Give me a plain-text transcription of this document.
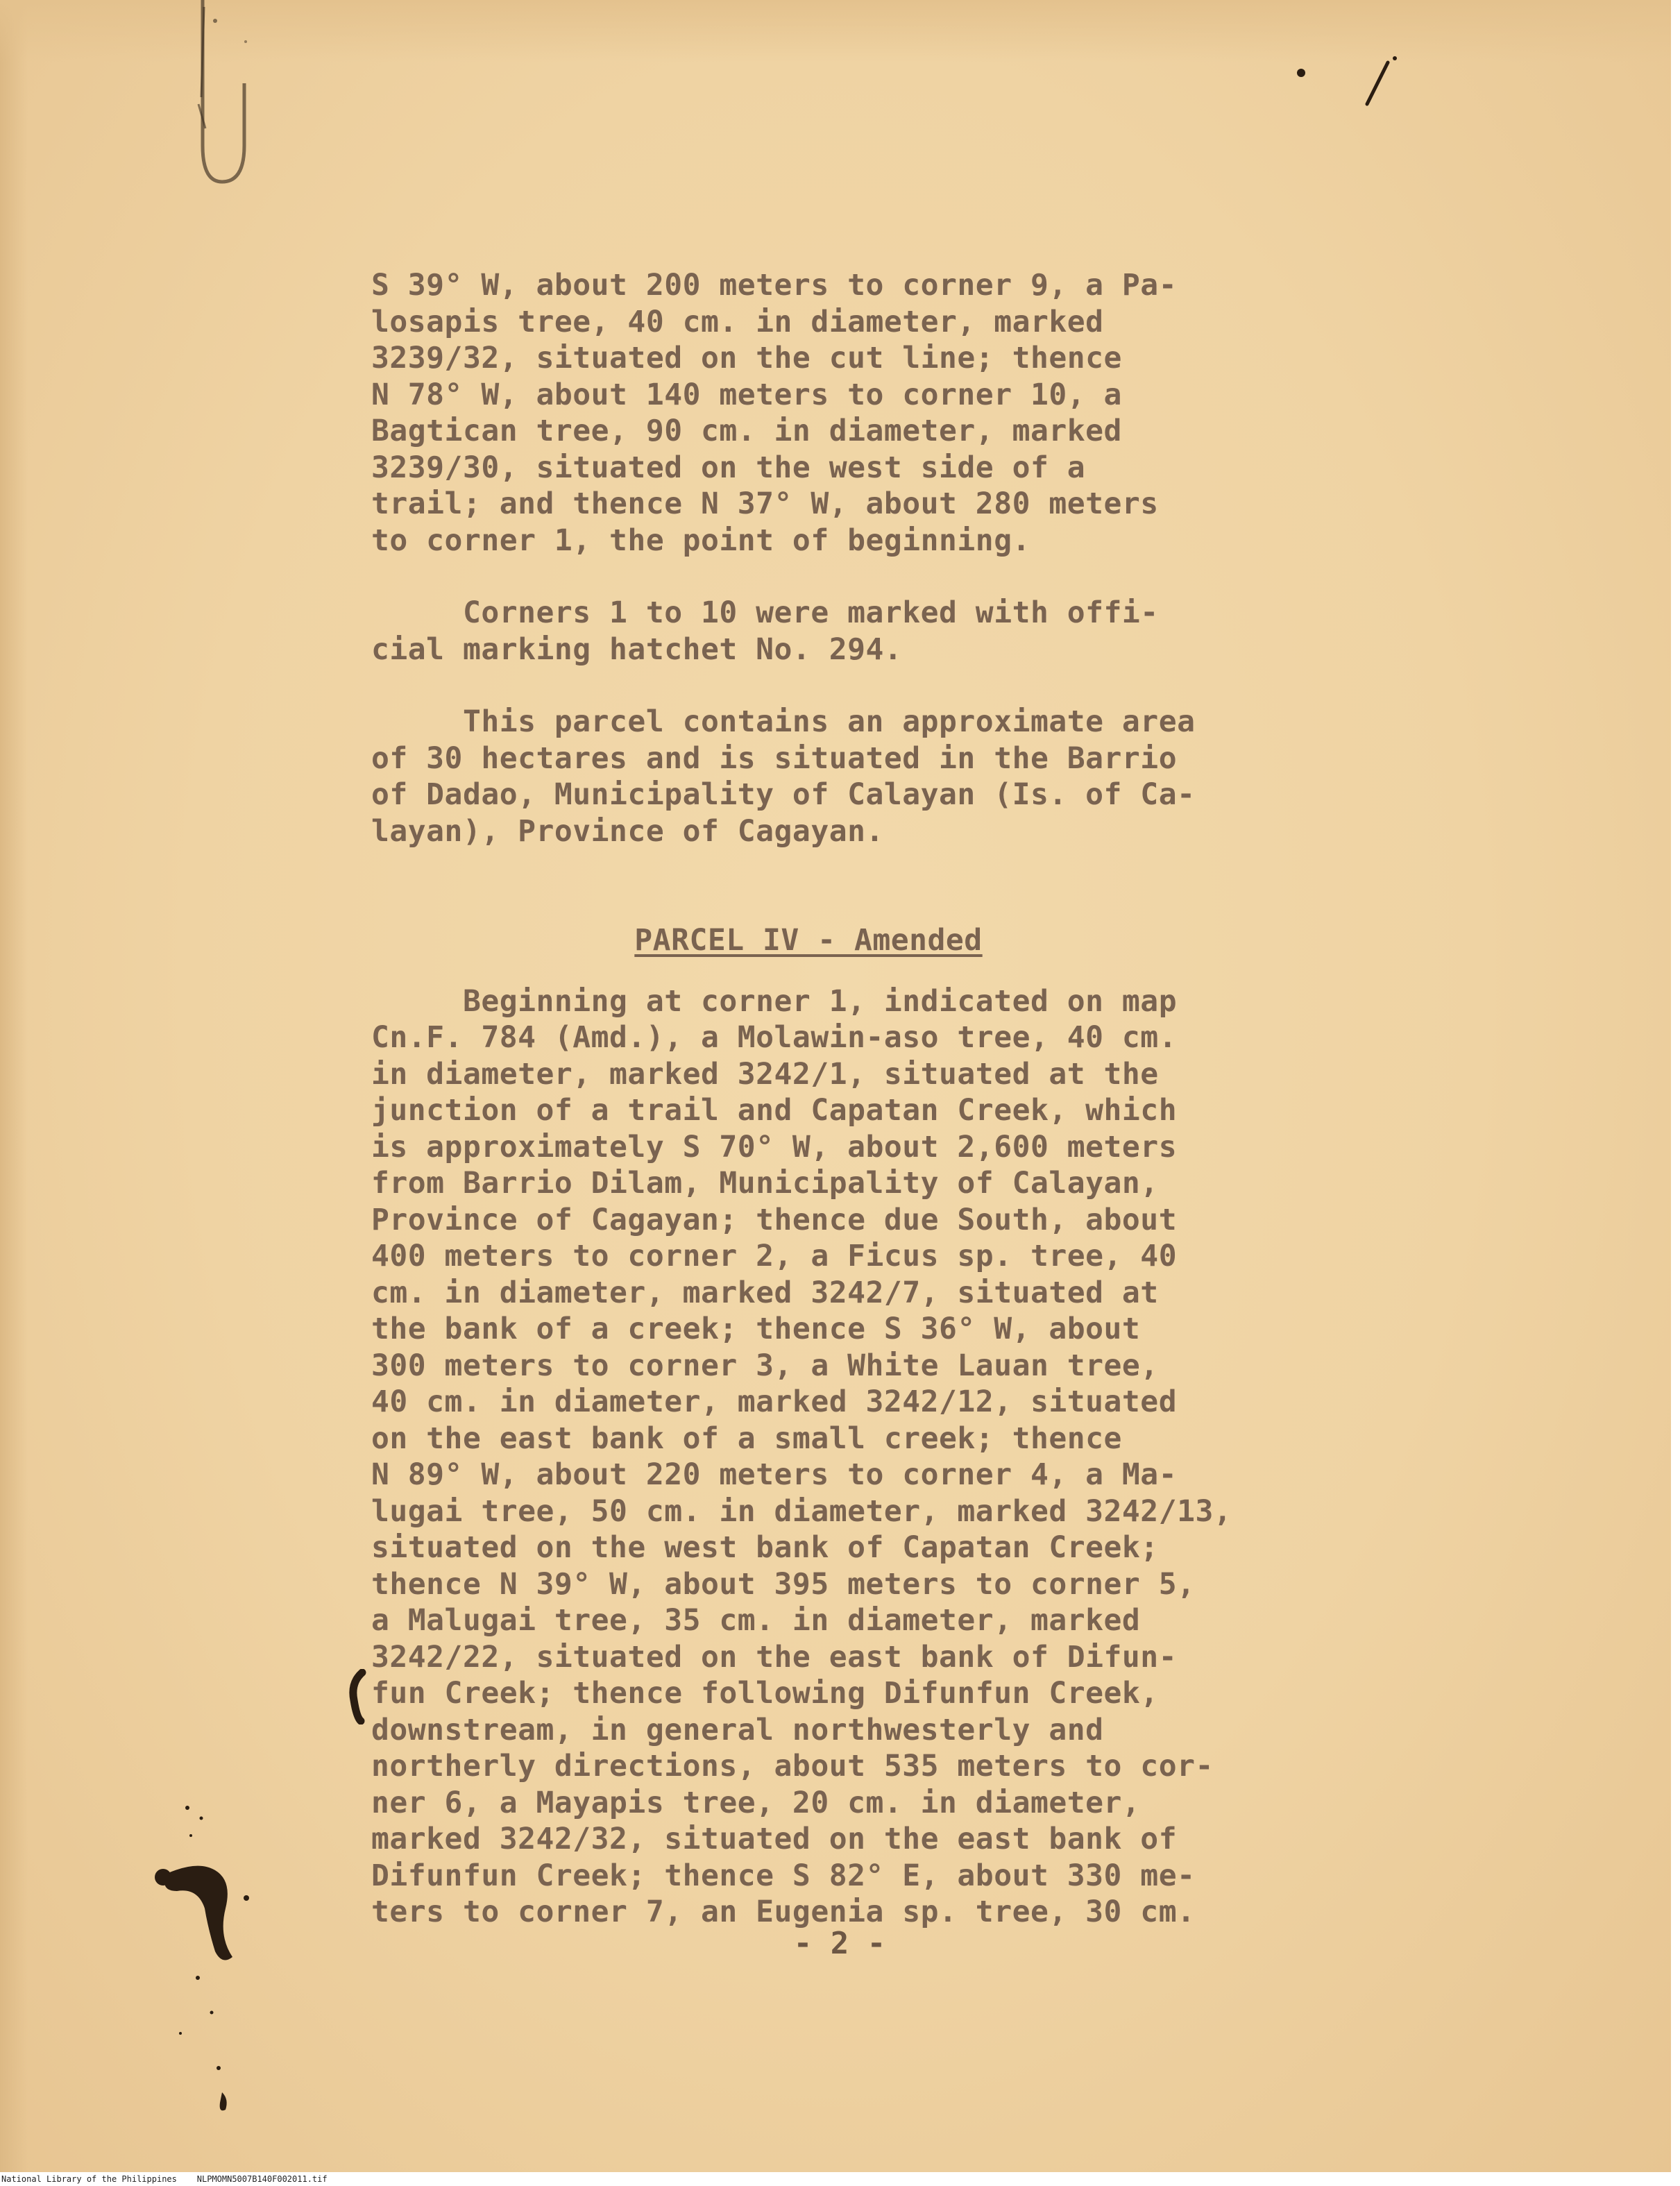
S 39° W, about 200 meters to corner 9, a Pa-

losapis tree, 40 cm. in diameter, marked

3239/32, situated on the cut line; thence

N 78° W, about 140 meters to corner 10, a

Bagtican tree, 90 cm. in diameter, marked

3239/30, situated on the west side of a

trail; and thence N 37° W, about 280 meters

to corner 1, the point of beginning.

Corners 1 to 10 were marked with offi-

cial marking hatchet No. 294.

This parcel contains an approximate area

of 30 hectares and is situated in the Barrio

of Dadao, Municipality of Calayan (Is. of Ca-

layan), Province of Cagayan.

PARCEL IV - Amended

Beginning at corner 1, indicated on map

Cn.F. 784 (Amd.), a Molawin-aso tree, 40 cm.

in diameter, marked 3242/1, situated at the

junction of a trail and Capatan Creek, which

is approximately S 70° W, about 2,600 meters

from Barrio Dilam, Municipality of Calayan,

Province of Cagayan; thence due South, about

400 meters to corner 2, a Ficus sp. tree, 40

cm. in diameter, marked 3242/7, situated at

the bank of a creek; thence S 36° W, about

300 meters to corner 3, a White Lauan tree,

40 cm. in diameter, marked 3242/12, situated

on the east bank of a small creek; thence

N 89° W, about 220 meters to corner 4, a Ma-

lugai tree, 50 cm. in diameter, marked 3242/13,

situated on the west bank of Capatan Creek;

thence N 39° W, about 395 meters to corner 5,

a Malugai tree, 35 cm. in diameter, marked

3242/22, situated on the east bank of Difun-

fun Creek; thence following Difunfun Creek,

downstream, in general northwesterly and

northerly directions, about 535 meters to cor-

ner 6, a Mayapis tree, 20 cm. in diameter,

marked 3242/32, situated on the east bank of

Difunfun Creek; thence S 82° E, about 330 me-

ters to corner 7, an Eugenia sp. tree, 30 cm.

- 2 -
National Library of the Philippines    NLPMOMN5007B140F002011.tif
